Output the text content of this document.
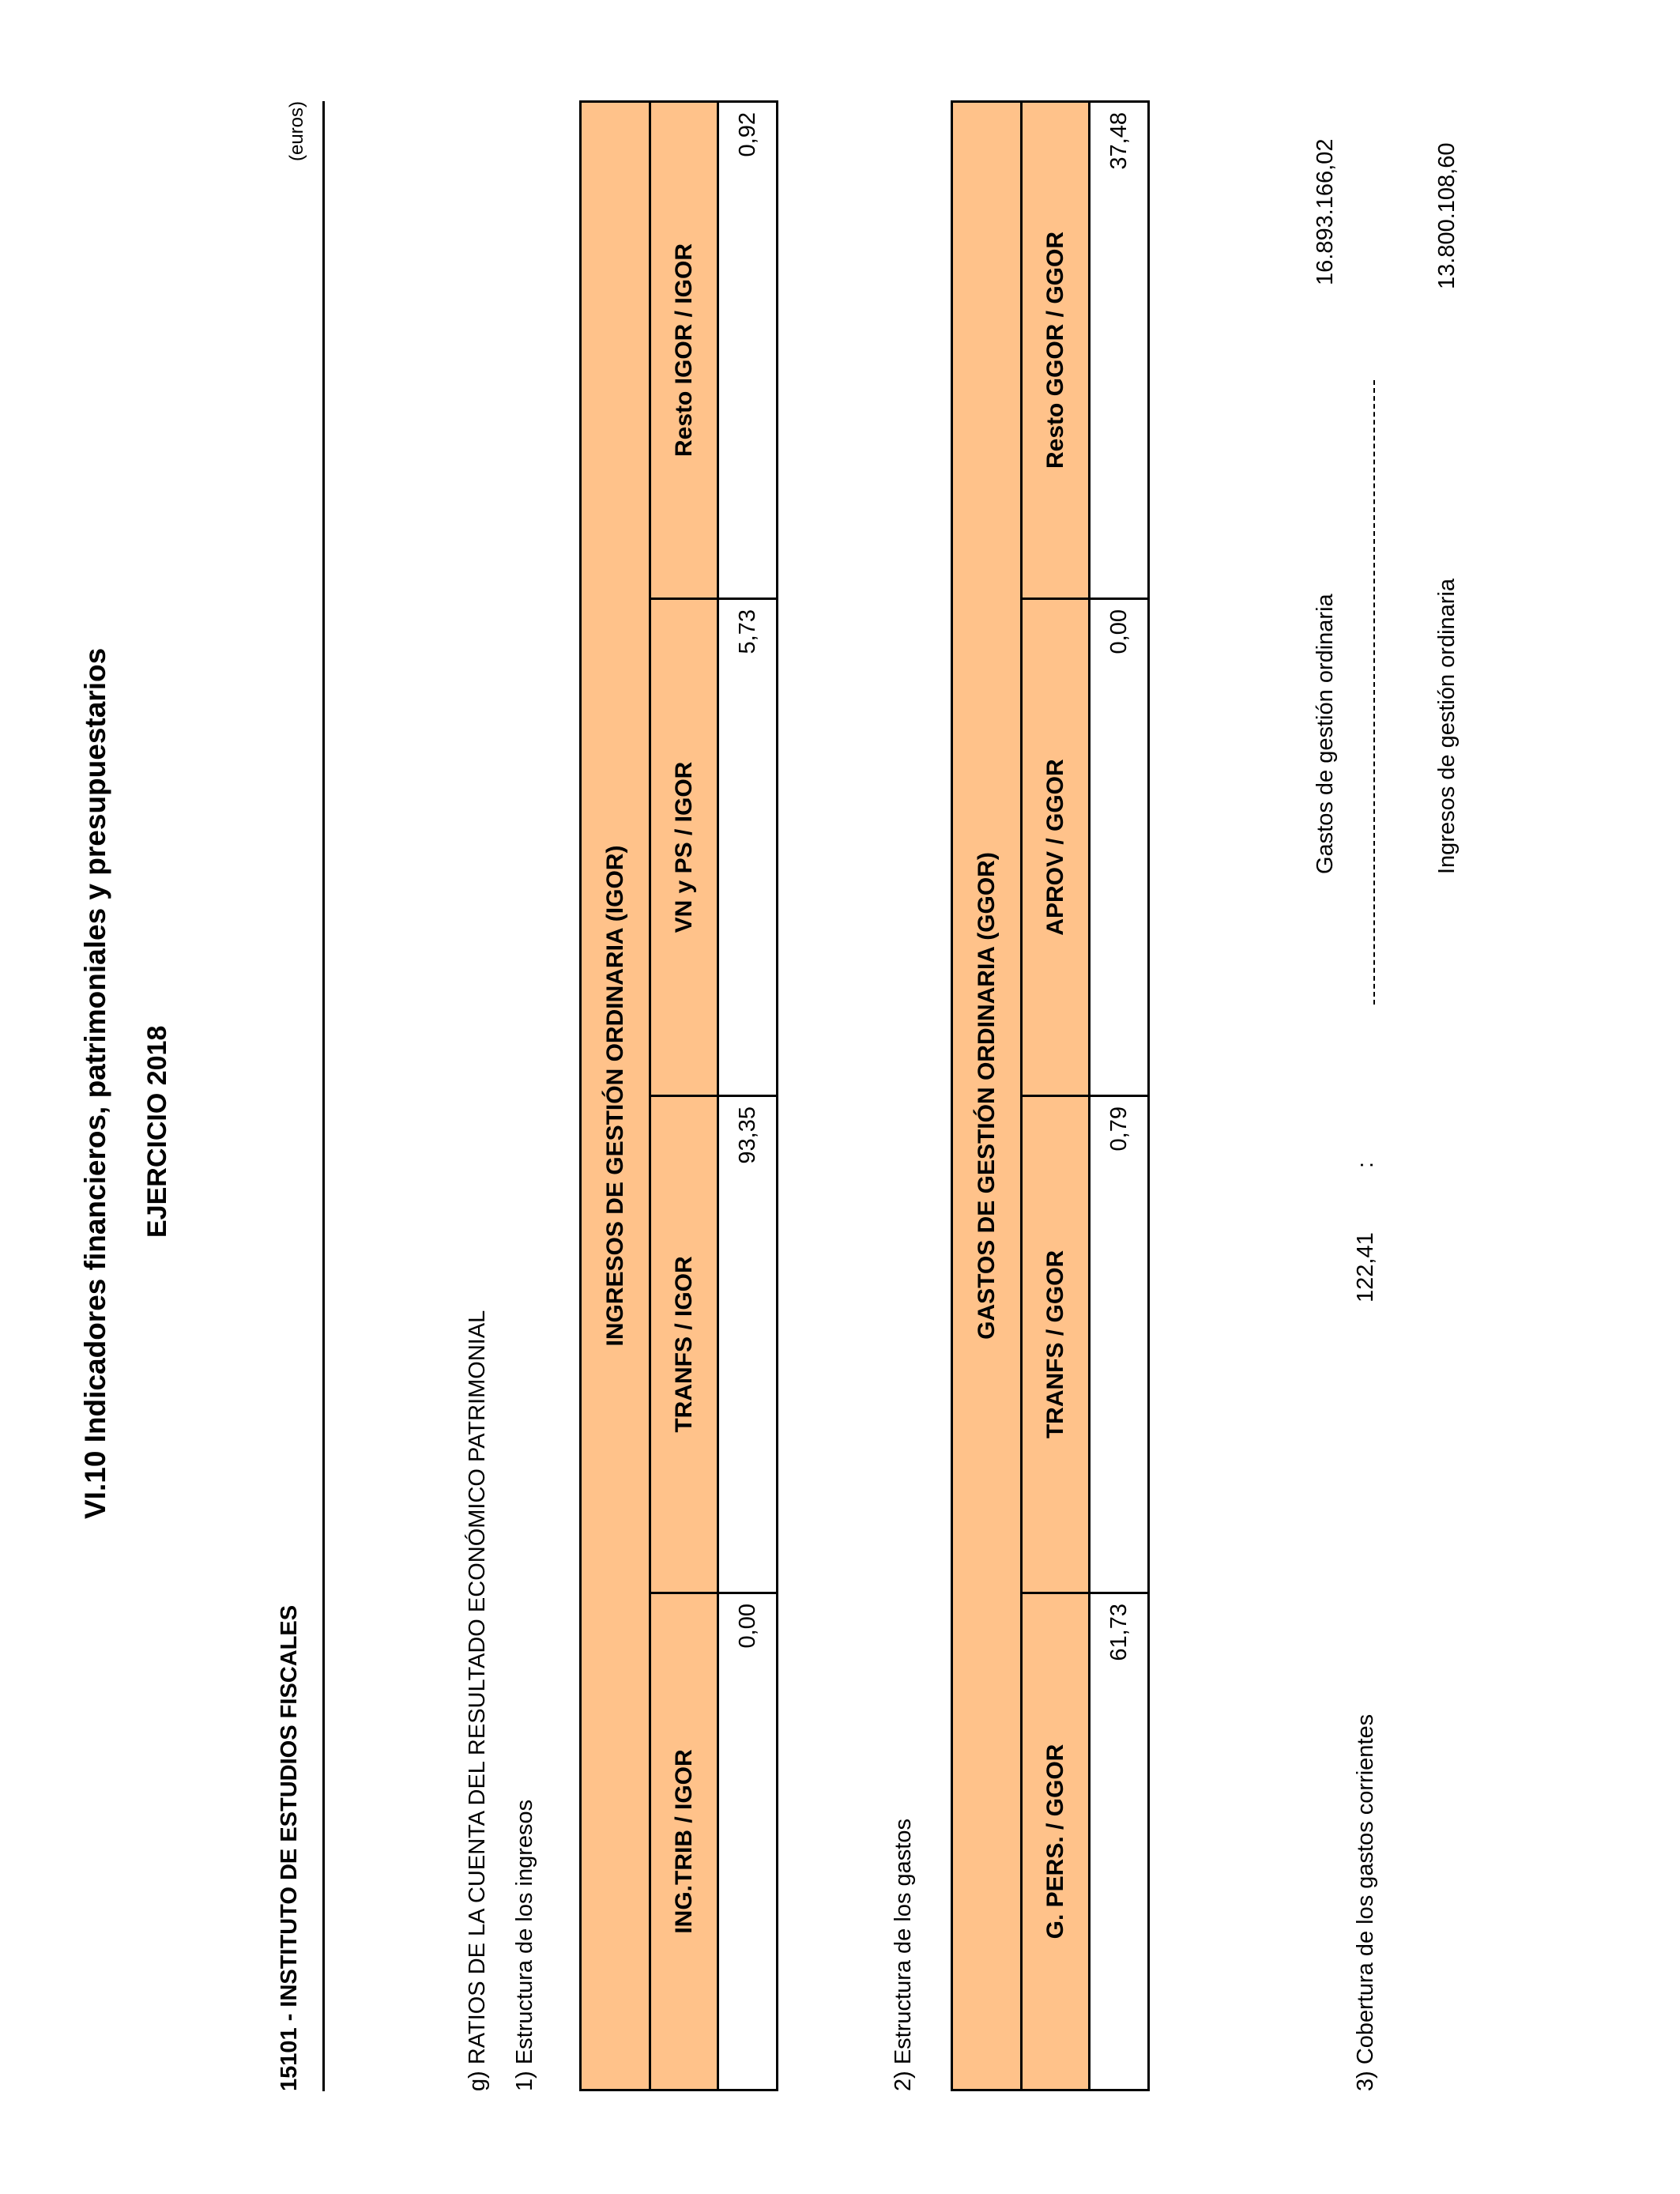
VI.10 Indicadores financieros, patrimoniales y presupuestarios EJERCICIO 2018
15101 - INSTITUTO DE ESTUDIOS FISCALES
(euros)
g) RATIOS DE LA CUENTA DEL RESULTADO ECONÓMICO PATRIMONIAL 1) Estructura de los ingresos
INGRESOS DE GESTIÓN ORDINARIA (IGOR)			
ING.TRIB / IGOR	TRANFS / IGOR	VN y PS / IGOR	Resto IGOR / IGOR
0,00	93,35	5,73	0,92
2) Estructura de los gastos
GASTOS DE GESTIÓN ORDINARIA (GGOR)			
G. PERS. / GGOR	TRANFS / GGOR	APROV / GGOR	Resto GGOR / GGOR
61,73	0,79	0,00	37,48
Gastos de gestión ordinaria
16.893.166,02
3) Cobertura de los gastos corrientes
122,41
:
Ingresos de gestión ordinaria
13.800.108,60
